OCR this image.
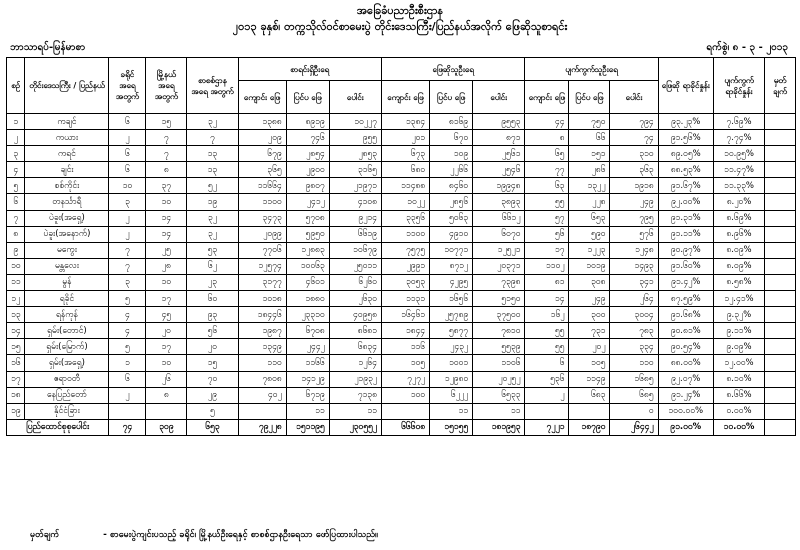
အခြေခံပညာဦးစီးဌာန
၂၀၁၃ ခုနှစ်၊ တက္ကသိုလ်ဝင်စာမေးပွဲ တိုင်းဒေသကြီး/ပြည်နယ်အလိုက် ဖြေဆိုသူစာရင်း
ဘာသာရပ်-မြန်မာစာ	ရက်စွဲ၊ ၈ - ၃ - ၂၀၁၃
စဉ်	တိုင်းဒေသကြီး / ပြည်နယ်	ခရိုင် အရေ အတွက်	မြို့နယ် အရေ အတွက်	စာစစ်ဌာန အရေ အတွက်	စာရင်းရှိဦးရေ			ဖြေဆိုသူဦးရေ			ပျက်ကွက်သူဦးရေ			ဖြေဆို ရာခိုင်နှုန်း	ပျက်ကွက် ရာခိုင်နှုန်း	မှတ် ချက်
					ကျောင်း ဖြေ	ပြင်ပ ဖြေ	ပေါင်း	ကျောင်း ဖြေ	ပြင်ပ ဖြေ	ပေါင်း	ကျောင်း ဖြေ	ပြင်ပ ဖြေ	ပေါင်း			
၁	ကချင်	၆	၁၅	၃၂	၁၃၈၈	၈၉၁၉	၁၀၂၂၇	၁၃၈၄	၈၁၆၉	၉၅၅၃	၄၄	၇၅၀	၇၉၄	၉၃.၂၃%	၇.၆၉%	
၂	ကယား	၂	၇	၇	၂၀၉	၇၄၆	၉၅၅	၂၀၁	၆၇၀	၈၇၁	၈	၆၆	၇၄	၉၁.၅၆%	၇.၇၄%	
၃	ကရင်	၆	၇	၁၃	၆၇၉	၂၈၅၄	၂၈၅၃	၆၇၃	၁၀၉	၂၅၆၁	၆၅	၁၅၁	၃၁၀	၈၉.၀၅%	၁၀.၉၅%	
၄	ချင်း	၆	၈	၁၃	၃၆၅	၂၉၀၀	၃၁၆၅	၆၈၀	၂၂၆၆	၂၅၄၆	၇၇	၂၈၆	၃၆၃	၈၈.၅၃%	၁၁.၄၇%	
၅	စစ်ကိုင်း	၁၀	၃၇	၅၂	၁၁၆၆၄	၉၈၀၇	၂၁၉၇၁	၁၁၄၈၈	၈၄၆၀	၁၉၉၄၈	၆၃	၁၃၂၂	၁၉၁၈	၉၁.၆၇%	၁၁.၃၃%	
၆	တနင်္သာရီ	၃	၁၀	၁၉	၁၁၀၀	၂၄၁၂	၄၁၀၈	၁၀၂၂	၂၈၅၆	၃၈၉၃	၅၅	၂၂၈	၂၄၉	၉၂.၀၀%	၈.၂၀%	
၇	ပဲခူး(အရှေ့)	၂	၁၄	၃၂	၃၄၇၃	၅၇၀၈	၉၂၁၄	၃၃၅၆	၅၀၆၃	၆၆၁၂	၅၇	၆၅၃	၇၉၅	၉၁.၃၁%	၈.၆၉%	
၈	ပဲခူး(အနောက်)	၂	၁၄	၃၂	၂၀၉၉	၅၉၅၀	၆၆၁၉	၁၁၀၀	၄၉၁၀	၆၀၇၀	၅၆	၅၉၀	၅၇၆	၉၁.၁၁%	၈.၉၆%	
၉	မကွေး	၇	၂၅	၅၃	၇၇၀၆	၁၂၈၈၃	၁၀၆၇၉	၇၅၇၅	၁၀၇၇၁	၁၂၅၂၁	၁၇	၁၂၂၃	၁၂၄၈	၉၀.၉၇%	၈.၀၉%	
၁၀	မန္တလေး	၇	၂၈	၆၂	၁၂၅၇၄	၁၀၀၆၃	၂၅၀၁၁	၂၉၉၁	၈၇၁၂	၂၀၃၇၁	၁၁၀၂	၁၀၁၉	၁၄၉၃	၉၁.၆၀%	၈.၀၉%	
၁၁	မွန်	၃	၁၀	၂၃	၃၁၇၇	၄၆၀၁	၆၂၆၀	၃၀၅၃	၄၂၉၅	၇၃၉၈	၈၁	၃၀၈	၃၄၁	၉၁.၄၂%	၈.၅၈%	
၁၂	ရခိုင်	၅	၁၇	၆၀	၁၀၁၈	၁၈၈၀	၂၆၃၀	၁၁၃၁	၁၆၅၆	၅၁၅၀	၁၄	၂၄၉	၂၆၄	၈၇.၅၉%	၁၂.၄၁%	
၁၃	ရန်ကုန်	၄	၄၅	၉၃	၁၈၄၄၆	၂၃၃၁၀	၄၀၉၅၈	၁၆၄၆၁	၂၅၇၈၉	၃၇၅၀၀	၁၆၂	၃၀၀	၃၀၀၄	၉၁.၆၈%	၉.၃၂%	
၁၄	ရှမ်း(တောင်)	၄	၂၀	၅၆	၁၉၈၇	၆၇၀၈	၈၆၈၁	၁၈၄၄	၅၈၇၇	၇၈၁၀	၅၅	၇၃၁	၇၈၃	၉၀.၈၁%	၉.၁၁%	
၁၅	ရှမ်း(မြောက်)	၅	၁၇	၂၀	၁၃၄၉	၂၄၄၂	၆၈၃၄	၁၁၆	၂၄၃၂	၅၅၃၉	၅၅	၂၀၂	၃၃၄	၉၀.၅၄%	၉.၀၉%	
၁၆	ရှမ်း(အရှေ့)	၁	၁၀	၁၅	၁၁၀	၁၁၆၆	၁၂၆၄	၁၀၅	၁၀၀၁	၁၁၀၆	၆	၁၀၅	၁၁၀	၈၈.၀၀%	၁၂.၀၀%	
၁၇	ဧရာဝတီ	၆	၂၆	၇၀	၇၈၀၈	၁၄၁၂၉	၂၁၉၃၂	၇၂၇၂	၁၂၉၈၀	၂၀၂၅၂	၅၃၆	၁၁၄၉	၁၆၈၅	၉၂.၀၇%	၈.၁၀%	
၁၈	နေပြည်တော်	၂	၈	၂၉	၄၀၂	၆၇၁၉	၇၁၃၈	၁၀၀	၆၂၂၂	၆၅၃၃	၂	၆၈၃	၆၈၅	၉၁.၂၄%	၈.၆၆%	
၁၉	နိုင်ငံခြား			၅		၁၁	၁၁		၁၁	၁၁			၀	၁၀၀.၀၀%	၀.၀၀%	
ပြည်ထောင်စုစုပေါင်း		၇၄	၃၀၉	၆၅၃	၇၉၂၂၈	၁၅၁၁၉၅	၂၃၀၅၅၂	၆၆၆၀၈	၁၅၁၅၅	၁၈၁၉၅၃	၇၂၂၁	၁၈၇၉၀	၂၆၄၄၂	၉၁.၀၀%	၁၀.၀၀%	
မှတ်ချက်	- စာမေးပွဲကျင်းပသည့် ခရိုင်၊ မြို့နယ်ဦးရေနှင့် စာစစ်ဌာနဦးရေသာ ဖော်ပြထားပါသည်။
